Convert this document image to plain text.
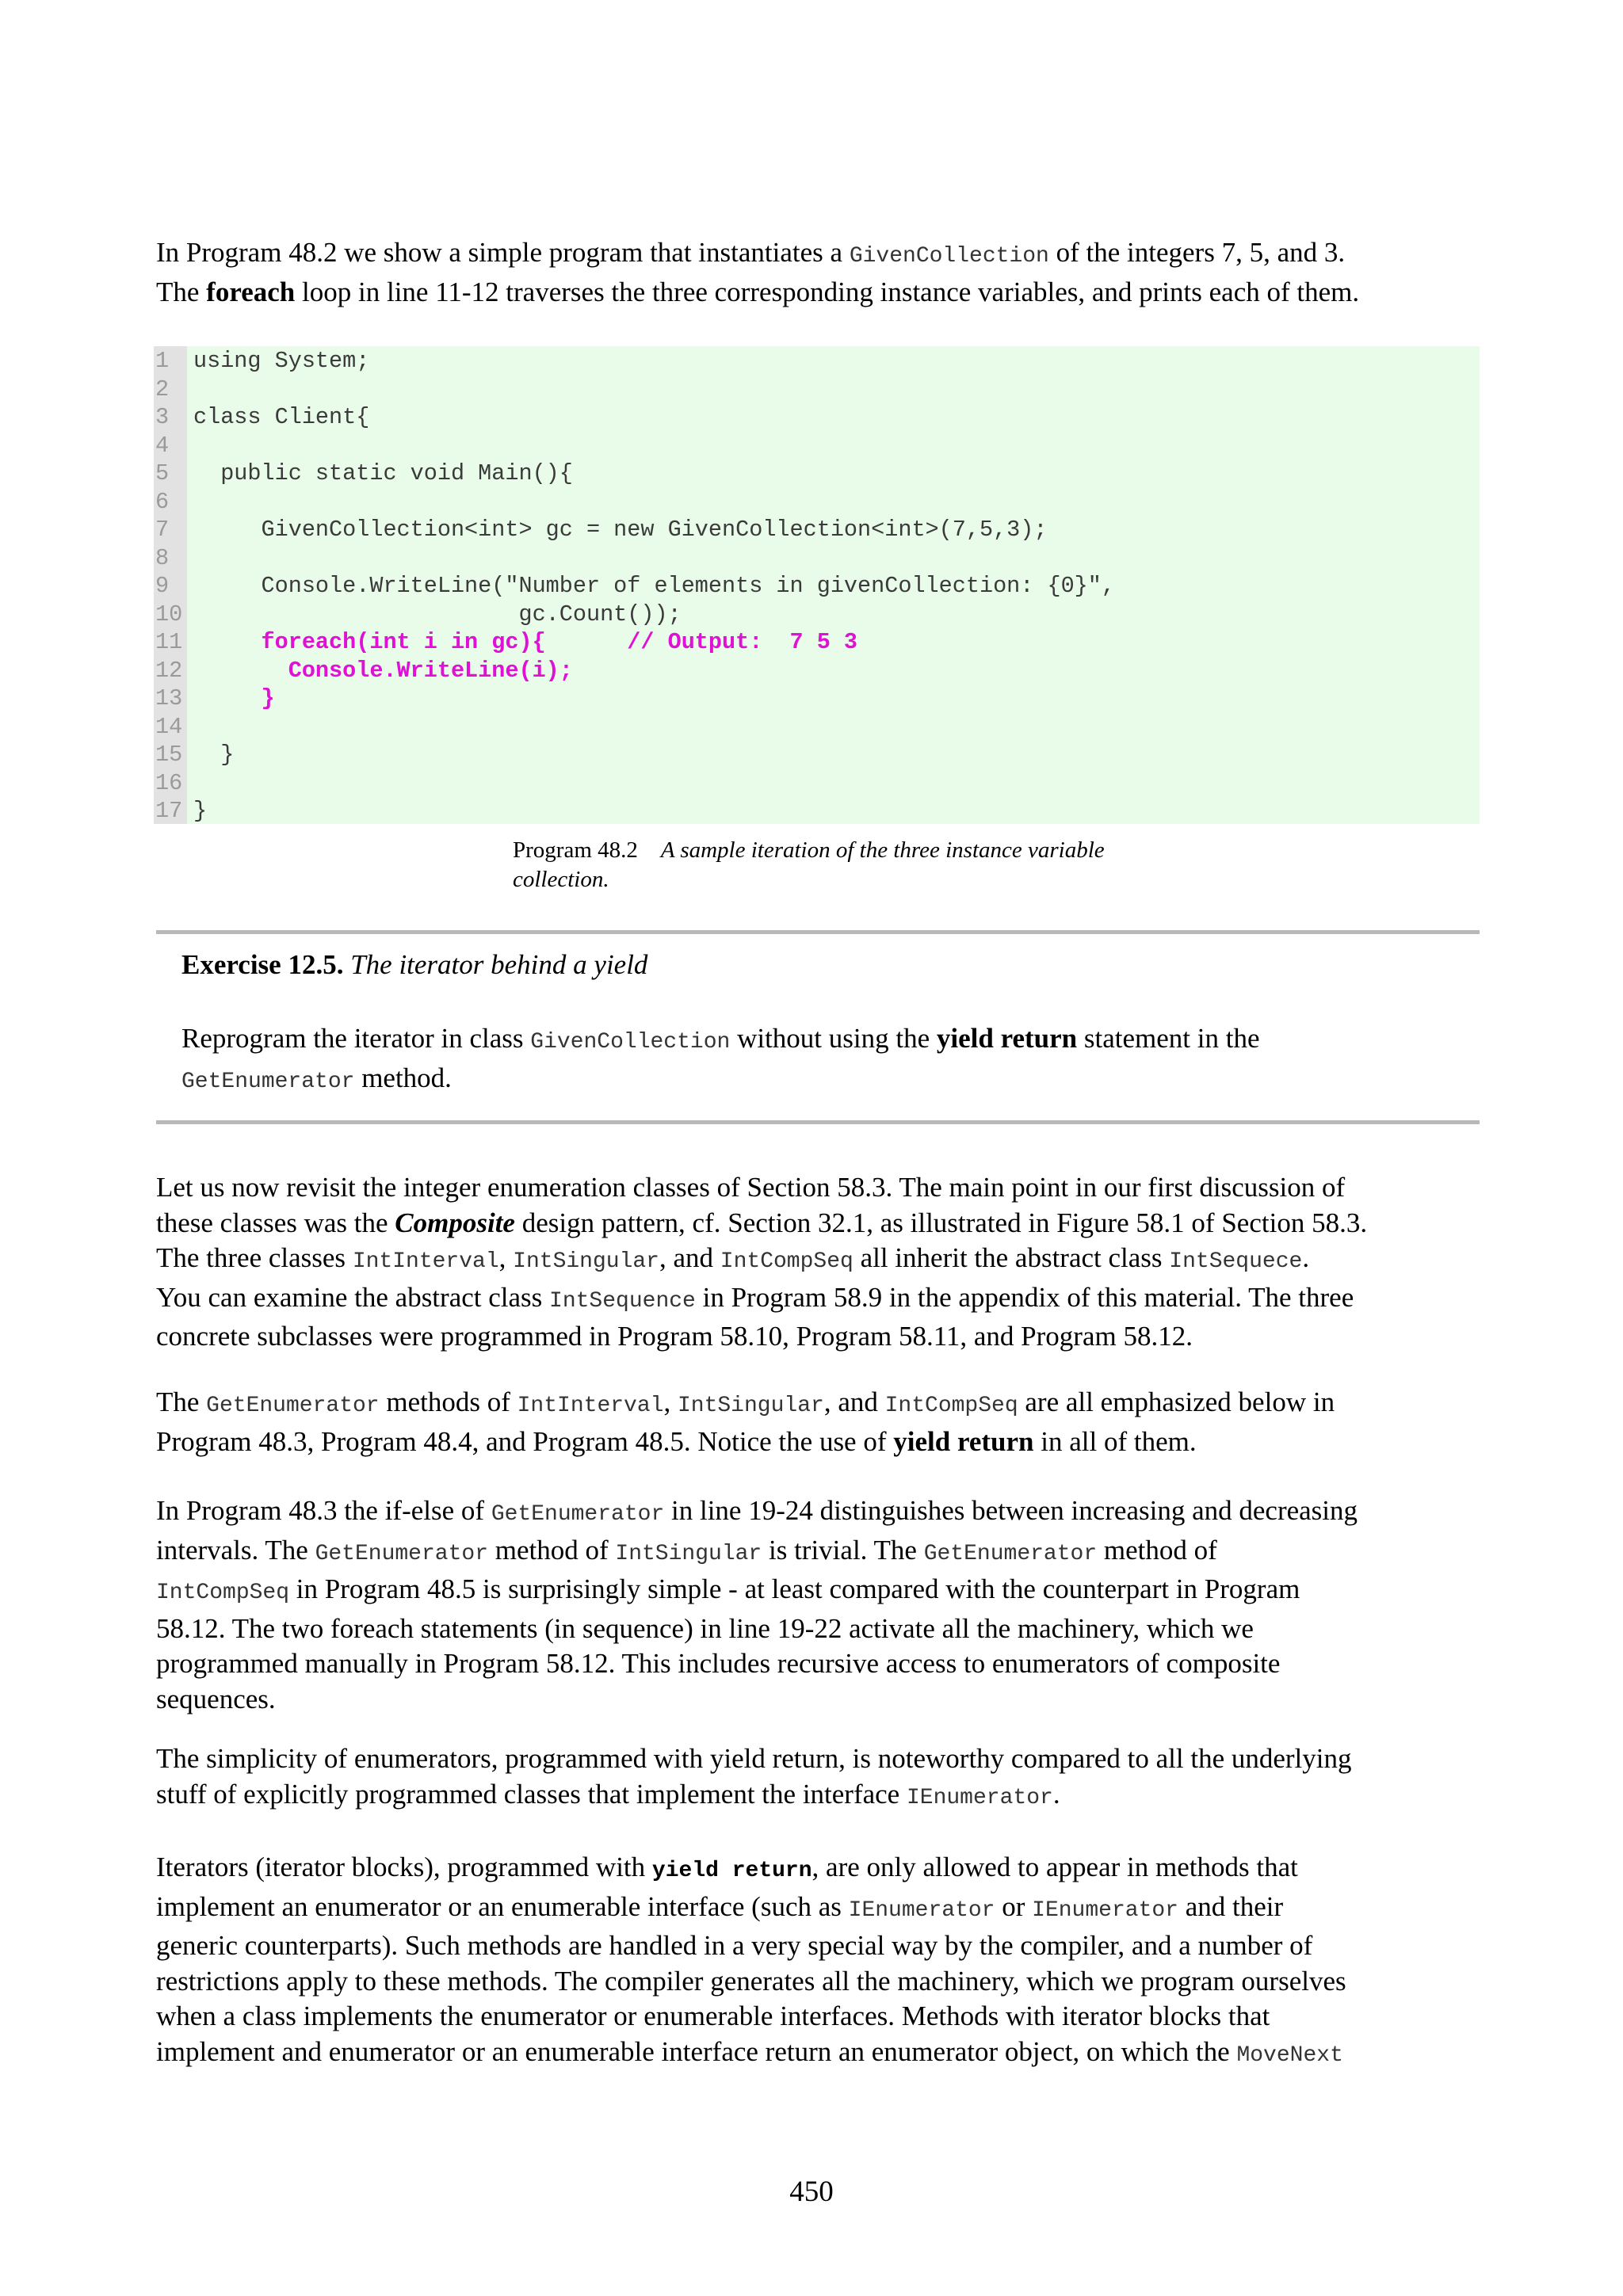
In Program 48.2 we show a simple program that instantiates a GivenCollection of the integers 7, 5, and 3.
The foreach loop in line 11-12 traverses the three corresponding instance variables, and prints each of them.
1	using System;
2
3	class Client{
4
5	public static void Main(){
6
7	GivenCollection<int> gc = new GivenCollection<int>(7,5,3);
8
9	Console.WriteLine("Number of elements in givenCollection: {0}",
10 gc.Count());
11 foreach(int i in gc){      // Output:  7 5 3
12 Console.WriteLine(i);
13 }
14
15 }
16
17 }
Program 48.2 A sample iteration of the three instance variable
collection.
Exercise 12.5. The iterator behind a yield
Reprogram the iterator in class GivenCollection without using the yield return statement in the
GetEnumerator method.
Let us now revisit the integer enumeration classes of Section 58.3. The main point in our first discussion of
these classes was the Composite design pattern, cf. Section 32.1, as illustrated in Figure 58.1 of Section 58.3.
The three classes IntInterval, IntSingular, and IntCompSeq all inherit the abstract class IntSequece.
You can examine the abstract class IntSequence in Program 58.9 in the appendix of this material. The three
concrete subclasses were programmed in Program 58.10, Program 58.11, and Program 58.12.
The GetEnumerator methods of IntInterval, IntSingular, and IntCompSeq are all emphasized below in
Program 48.3, Program 48.4, and Program 48.5. Notice the use of yield return in all of them.
In Program 48.3 the if-else of GetEnumerator in line 19-24 distinguishes between increasing and decreasing
intervals. The GetEnumerator method of IntSingular is trivial. The GetEnumerator method of
IntCompSeq in Program 48.5 is surprisingly simple - at least compared with the counterpart in Program
58.12. The two foreach statements (in sequence) in line 19-22 activate all the machinery, which we
programmed manually in Program 58.12. This includes recursive access to enumerators of composite
sequences.
The simplicity of enumerators, programmed with yield return, is noteworthy compared to all the underlying
stuff of explicitly programmed classes that implement the interface IEnumerator.
Iterators (iterator blocks), programmed with yield return, are only allowed to appear in methods that
implement an enumerator or an enumerable interface (such as IEnumerator or IEnumerator and their
generic counterparts). Such methods are handled in a very special way by the compiler, and a number of
restrictions apply to these methods. The compiler generates all the machinery, which we program ourselves
when a class implements the enumerator or enumerable interfaces. Methods with iterator blocks that
implement and enumerator or an enumerable interface return an enumerator object, on which the MoveNext
450
